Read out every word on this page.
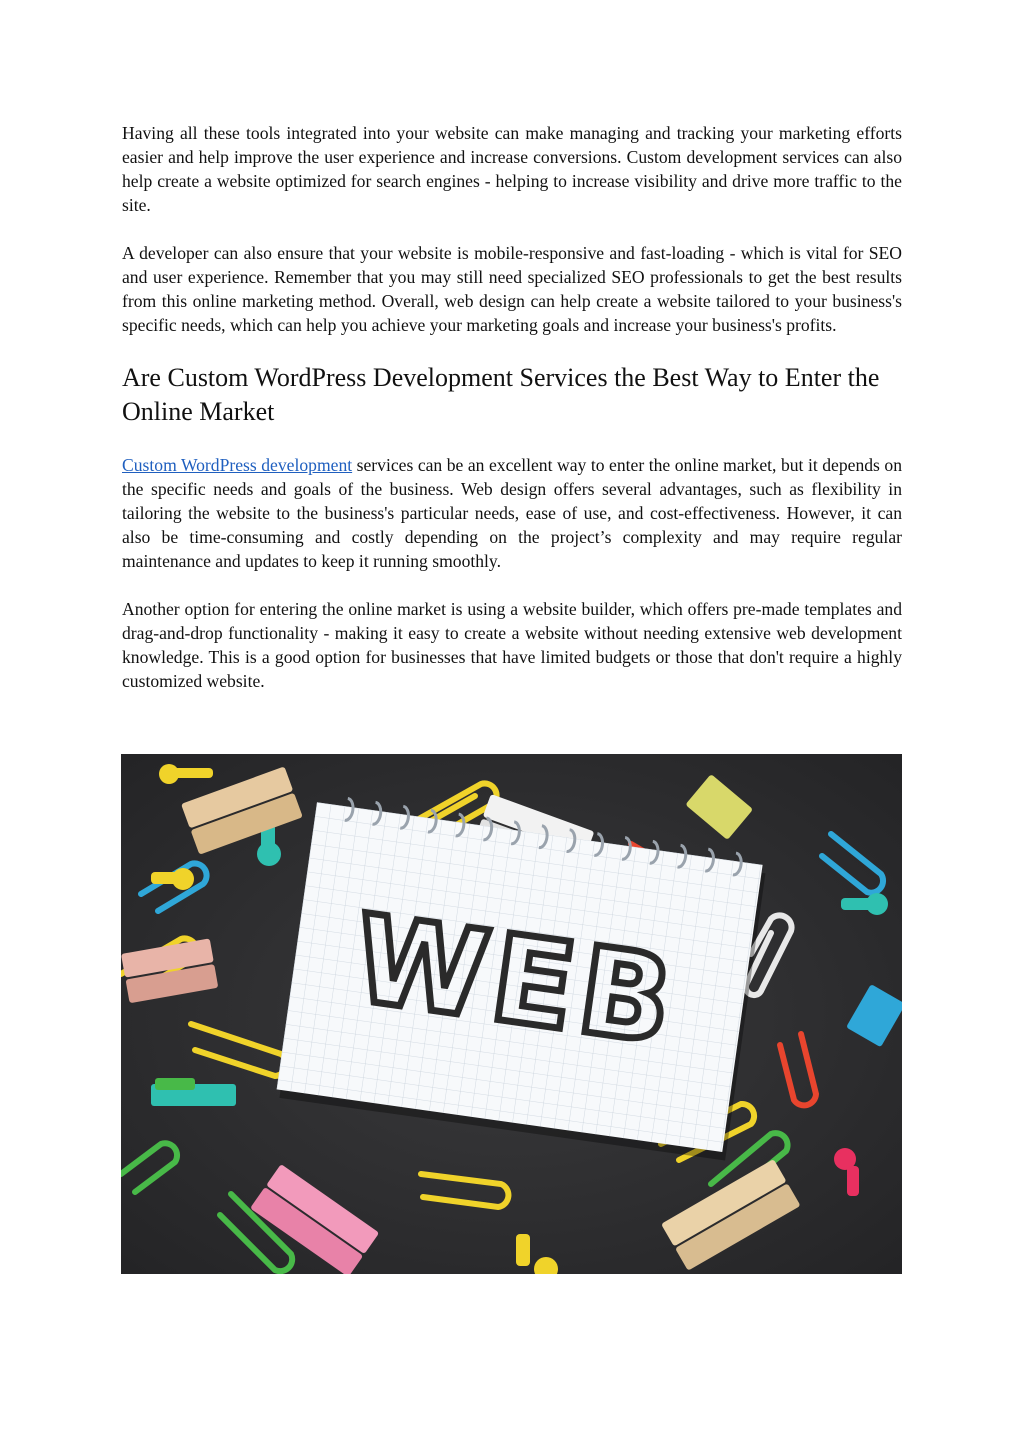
Having all these tools integrated into your website can make managing and tracking your marketing efforts easier and help improve the user experience and increase conversions. Custom development services can also help create a website optimized for search engines - helping to increase visibility and drive more traffic to the site.

A developer can also ensure that your website is mobile-responsive and fast-loading - which is vital for SEO and user experience. Remember that you may still need specialized SEO professionals to get the best results from this online marketing method. Overall, web design can help create a website tailored to your business's specific needs, which can help you achieve your marketing goals and increase your business's profits.

Are Custom WordPress Development Services the Best Way to Enter the Online Market

Custom WordPress development services can be an excellent way to enter the online market, but it depends on the specific needs and goals of the business. Web design offers several advantages, such as flexibility in tailoring the website to the business's particular needs, ease of use, and cost-effectiveness. However, it can also be time-consuming and costly depending on the project’s complexity and may require regular maintenance and updates to keep it running smoothly.

Another option for entering the online market is using a website builder, which offers pre-made templates and drag-and-drop functionality - making it easy to create a website without needing extensive web development knowledge. This is a good option for businesses that have limited budgets or those that don't require a highly customized website.

WEB
